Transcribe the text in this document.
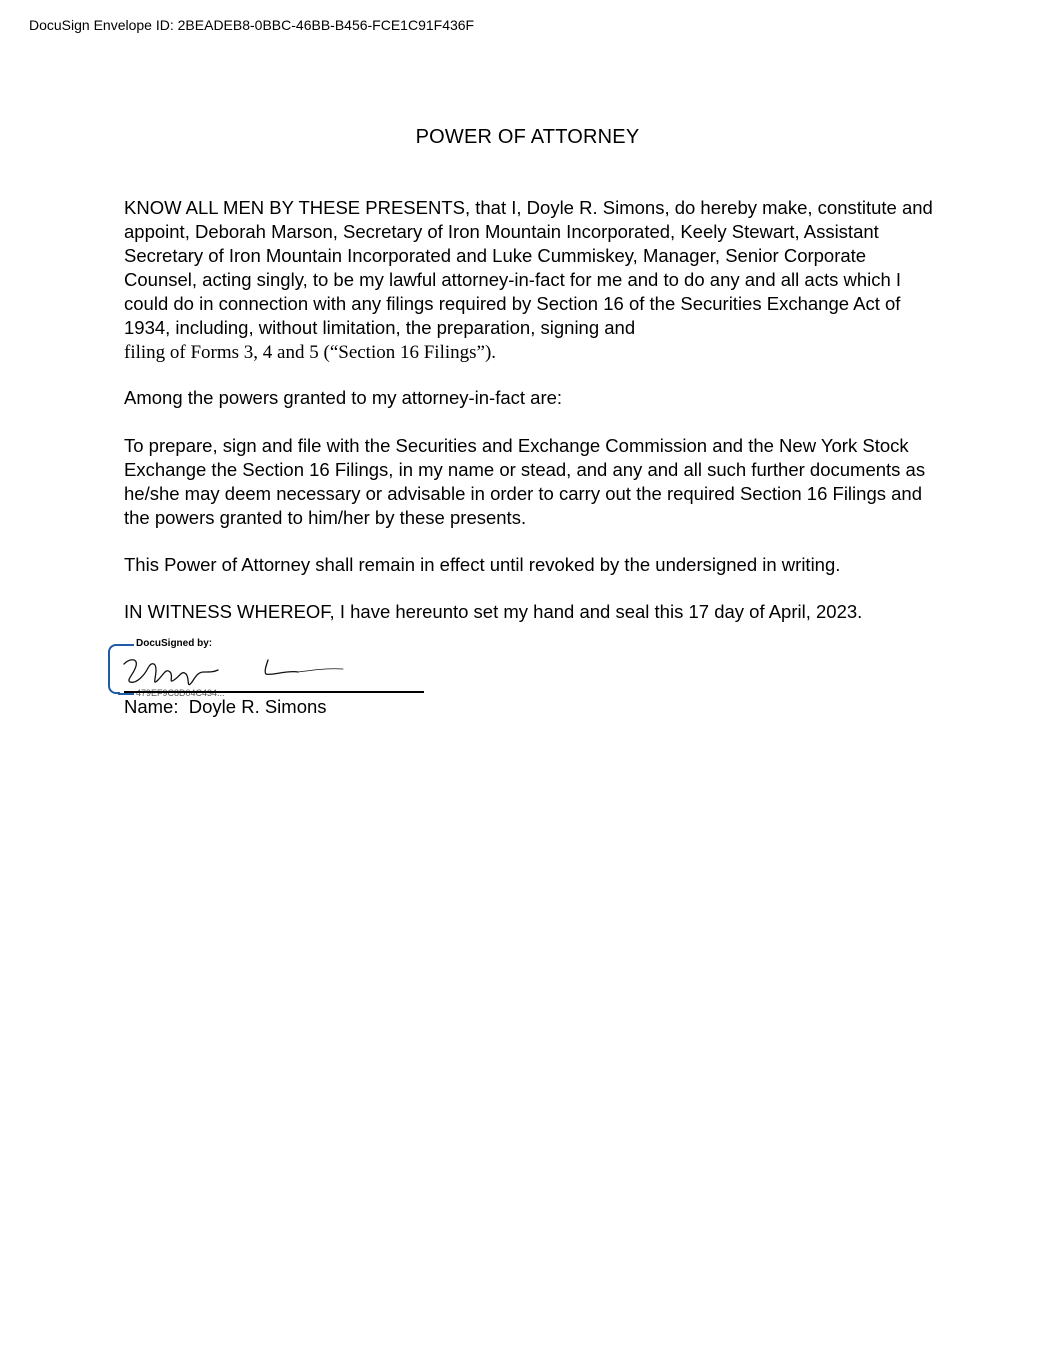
DocuSign Envelope ID: 2BEADEB8-0BBC-46BB-B456-FCE1C91F436F
POWER OF ATTORNEY

KNOW ALL MEN BY THESE PRESENTS, that I, Doyle R. Simons, do hereby make, constitute and appoint, Deborah Marson, Secretary of Iron Mountain Incorporated, Keely Stewart, Assistant Secretary of Iron Mountain Incorporated and Luke Cummiskey, Manager, Senior Corporate Counsel, acting singly, to be my lawful attorney-in-fact for me and to do any and all acts which I could do in connection with any filings required by Section 16 of the Securities Exchange Act of 1934, including, without limitation, the preparation, signing and
filing of Forms 3, 4 and 5 (“Section 16 Filings”).

Among the powers granted to my attorney-in-fact are:

To prepare, sign and file with the Securities and Exchange Commission and the New York Stock Exchange the Section 16 Filings, in my name or stead, and any and all such further documents as he/she may deem necessary or advisable in order to carry out the required Section 16 Filings and the powers granted to him/her by these presents.

This Power of Attorney shall remain in effect until revoked by the undersigned in writing.

IN WITNESS WHEREOF, I have hereunto set my hand and seal this 17 day of April, 2023.

DocuSigned by:
479EF9C8D04C434...
Name:  Doyle R. Simons
